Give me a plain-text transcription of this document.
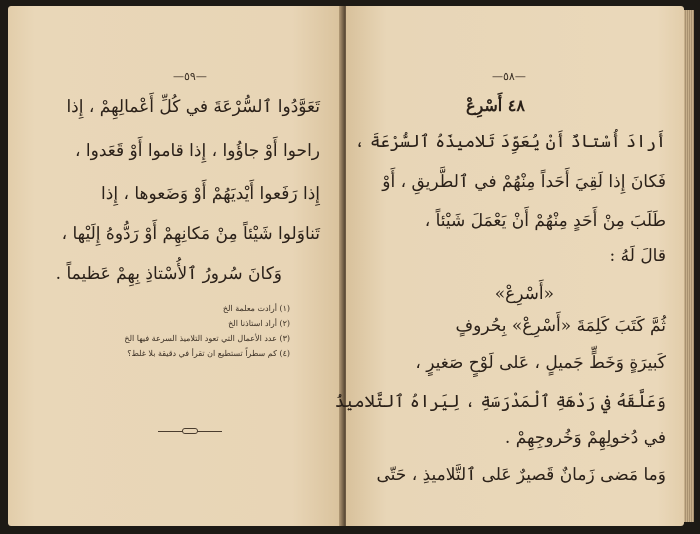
—٥٩—
تَعَوَّدُوا ٱلسُّرْعَةَ في كُلِّ أَعْمالِهِمْ ، إِذا
راحوا أَوْ جاؤُوا ، إِذا قاموا أَوْ قَعَدوا ،
إِذا رَفَعوا أَيْديَهُمْ أَوْ وَضَعوها ، إِذا
تَناوَلوا شَيْئاً مِنْ مَكانِهِمْ أَوْ رَدُّوهُ إِلَيْها ،
وَكانَ سُرورُ ٱلأُسْتاذِ بِهِمْ عَظيماً .
(١) أرادت معلمة الخ
(٢) أراد استاذنا الخ
(٣) عدد الأعمال التي تعود التلاميذ السرعة فيها الخ
(٤) كم سطراً تستطيع ان تقرأ في دقيقة بلا غلط؟
—٥٨—
٤٨ أَسْرِعْ
أَرادَ أُسْتاذٌ أَنْ يُعَوِّدَ تَلاميذَهُ ٱلسُّرْعَةَ ،
فَكانَ إِذا لَقِيَ أَحَداً مِنْهُمْ في ٱلطَّريقِ ، أَوْ
طَلَبَ مِنْ أَحَدٍ مِنْهُمْ أَنْ يَعْمَلَ شَيْئاً ،
قالَ لَهُ :
«أَسْرِعْ»
ثُمَّ كَتَبَ كَلِمَةَ «أَسْرِعْ» بِحُروفٍ
كَبيرَةٍ وَخَطٍّ جَميلٍ ، عَلى لَوْحٍ صَغيرٍ ،
وَعَلَّقَهُ في رَدْهَةِ ٱلْمَدْرَسَةِ ، لِيَراهُ ٱلتَّلاميذُ
في دُخولِهِمْ وَخُروجِهِمْ .
وَما مَضى زَمانٌ قَصيرٌ عَلى ٱلتَّلاميذِ ، حَتّى
